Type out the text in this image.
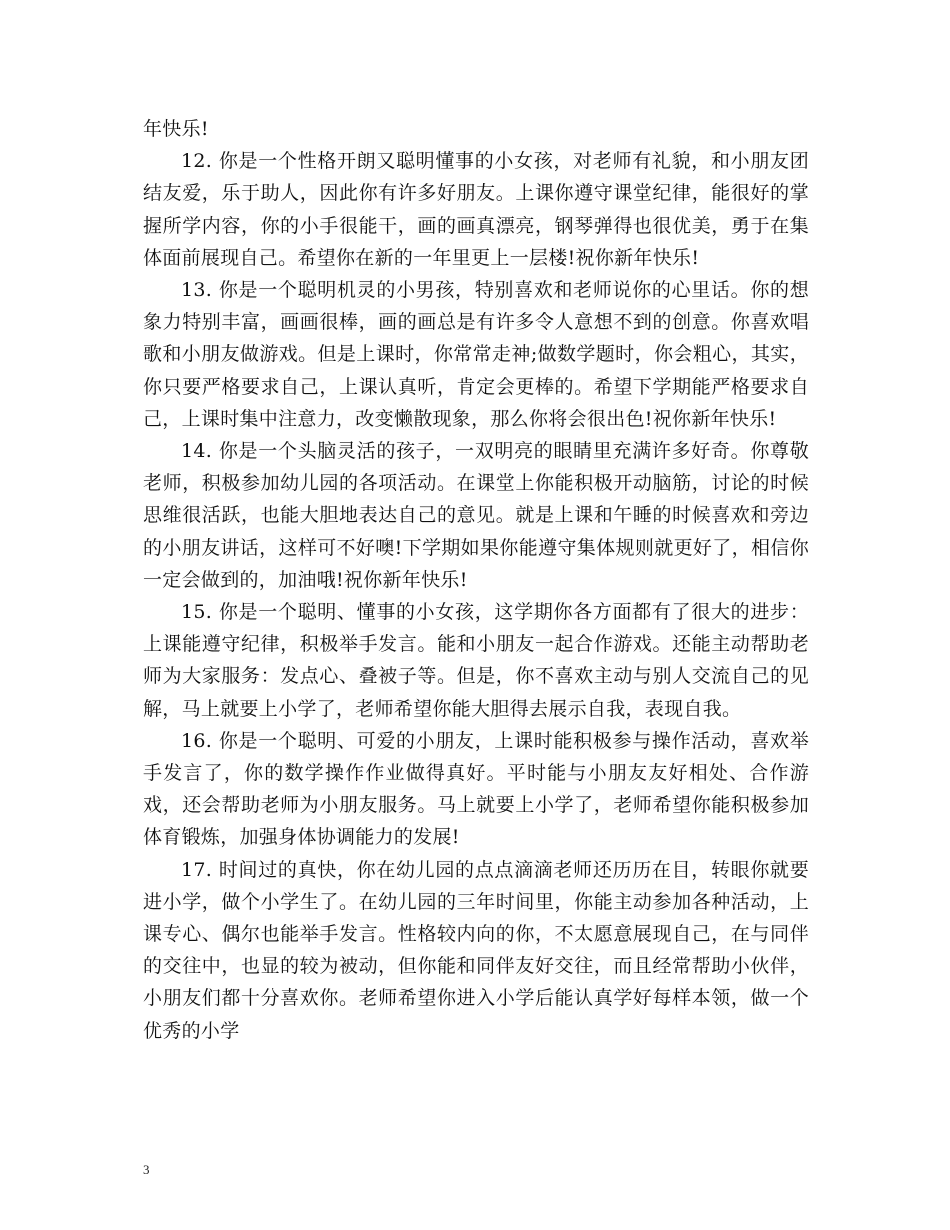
年快乐!

12. 你是一个性格开朗又聪明懂事的小女孩，对老师有礼貌，和小朋友团结友爱，乐于助人，因此你有许多好朋友。上课你遵守课堂纪律，能很好的掌握所学内容，你的小手很能干，画的画真漂亮，钢琴弹得也很优美，勇于在集体面前展现自己。希望你在新的一年里更上一层楼!祝你新年快乐!

13. 你是一个聪明机灵的小男孩，特别喜欢和老师说你的心里话。你的想象力特别丰富，画画很棒，画的画总是有许多令人意想不到的创意。你喜欢唱歌和小朋友做游戏。但是上课时，你常常走神;做数学题时，你会粗心，其实，你只要严格要求自己，上课认真听，肯定会更棒的。希望下学期能严格要求自己，上课时集中注意力，改变懒散现象，那么你将会很出色!祝你新年快乐!

14. 你是一个头脑灵活的孩子，一双明亮的眼睛里充满许多好奇。你尊敬老师，积极参加幼儿园的各项活动。在课堂上你能积极开动脑筋，讨论的时候思维很活跃，也能大胆地表达自己的意见。就是上课和午睡的时候喜欢和旁边的小朋友讲话，这样可不好噢!下学期如果你能遵守集体规则就更好了，相信你一定会做到的，加油哦!祝你新年快乐!

15. 你是一个聪明、懂事的小女孩，这学期你各方面都有了很大的进步：上课能遵守纪律，积极举手发言。能和小朋友一起合作游戏。还能主动帮助老师为大家服务：发点心、叠被子等。但是，你不喜欢主动与别人交流自己的见解，马上就要上小学了，老师希望你能大胆得去展示自我，表现自我。

16. 你是一个聪明、可爱的小朋友，上课时能积极参与操作活动，喜欢举手发言了，你的数学操作作业做得真好。平时能与小朋友友好相处、合作游戏，还会帮助老师为小朋友服务。马上就要上小学了，老师希望你能积极参加体育锻炼，加强身体协调能力的发展!

17. 时间过的真快，你在幼儿园的点点滴滴老师还历历在目，转眼你就要进小学，做个小学生了。在幼儿园的三年时间里，你能主动参加各种活动，上课专心、偶尔也能举手发言。性格较内向的你，不太愿意展现自己，在与同伴的交往中，也显的较为被动，但你能和同伴友好交往，而且经常帮助小伙伴，小朋友们都十分喜欢你。老师希望你进入小学后能认真学好每样本领，做一个优秀的小学

3
